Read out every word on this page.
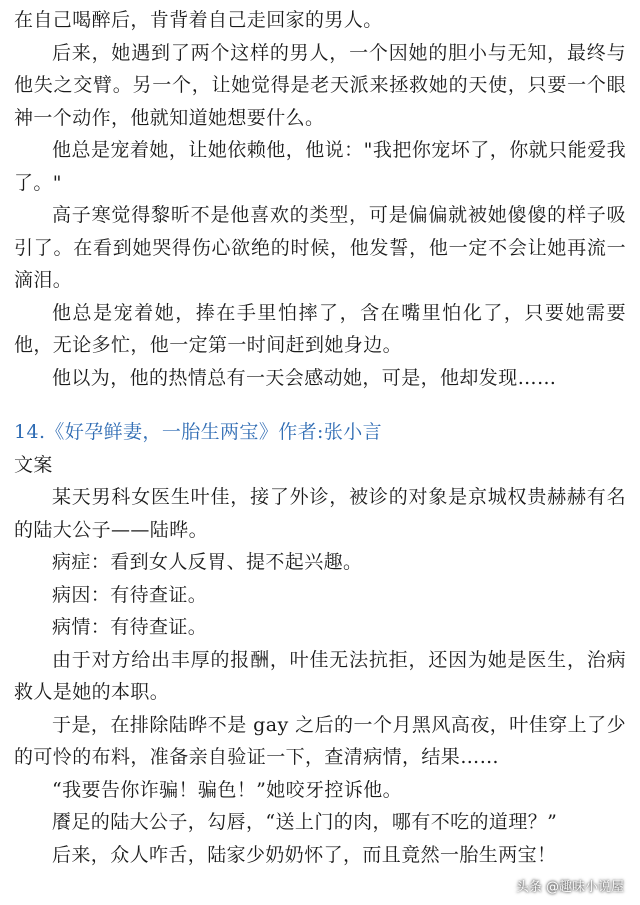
在自己喝醉后，肯背着自己走回家的男人。

后来，她遇到了两个这样的男人，一个因她的胆小与无知，最终与他失之交臂。另一个，让她觉得是老天派来拯救她的天使，只要一个眼神一个动作，他就知道她想要什么。

他总是宠着她，让她依赖他，他说："我把你宠坏了，你就只能爱我了。"

高子寒觉得黎昕不是他喜欢的类型，可是偏偏就被她傻傻的样子吸引了。在看到她哭得伤心欲绝的时候，他发誓，他一定不会让她再流一滴泪。

他总是宠着她，捧在手里怕摔了，含在嘴里怕化了，只要她需要他，无论多忙，他一定第一时间赶到她身边。

他以为，他的热情总有一天会感动她，可是，他却发现……

14.《好孕鲜妻，一胎生两宝》作者:张小言

文案

某天男科女医生叶佳，接了外诊，被诊的对象是京城权贵赫赫有名的陆大公子——陆晔。

病症：看到女人反胃、提不起兴趣。

病因：有待查证。

病情：有待查证。

由于对方给出丰厚的报酬，叶佳无法抗拒，还因为她是医生，治病救人是她的本职。

于是，在排除陆晔不是 gay 之后的一个月黑风高夜，叶佳穿上了少的可怜的布料，准备亲自验证一下，查清病情，结果……

“我要告你诈骗！骗色！”她咬牙控诉他。

餍足的陆大公子，勾唇，“送上门的肉，哪有不吃的道理？”

后来，众人咋舌，陆家少奶奶怀了，而且竟然一胎生两宝！

头条 @趣味小说屋
